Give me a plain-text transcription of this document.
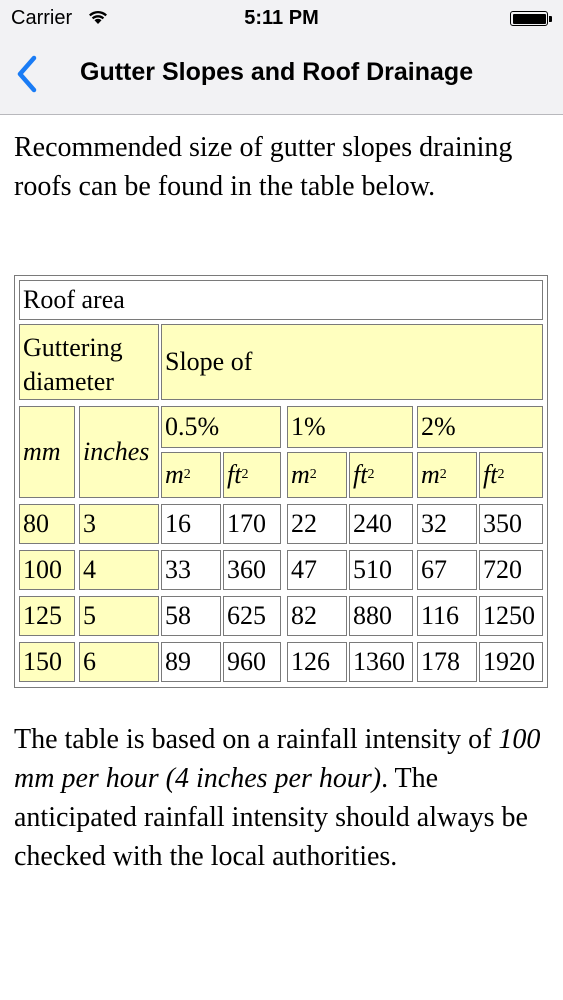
Carrier	5:11 PM
Gutter Slopes and Roof Drainage

Recommended size of gutter slopes draining roofs can be found in the table below.

Roof area
Guttering diameter
Slope of
mm inches
0.5%	1%	2%
m 2 ft 2 m 2 ft 2 m 2 ft 2
80	3	16	170 22	240	32	350
100 4	33	360 47	510	67	720
125 5	58	625 82	880	116 1250
150 6	89	960 126 1360 178 1920

The table is based on a rainfall intensity of 100 mm per hour (4 inches per hour). The anticipated rainfall intensity should always be checked with the local authorities.
